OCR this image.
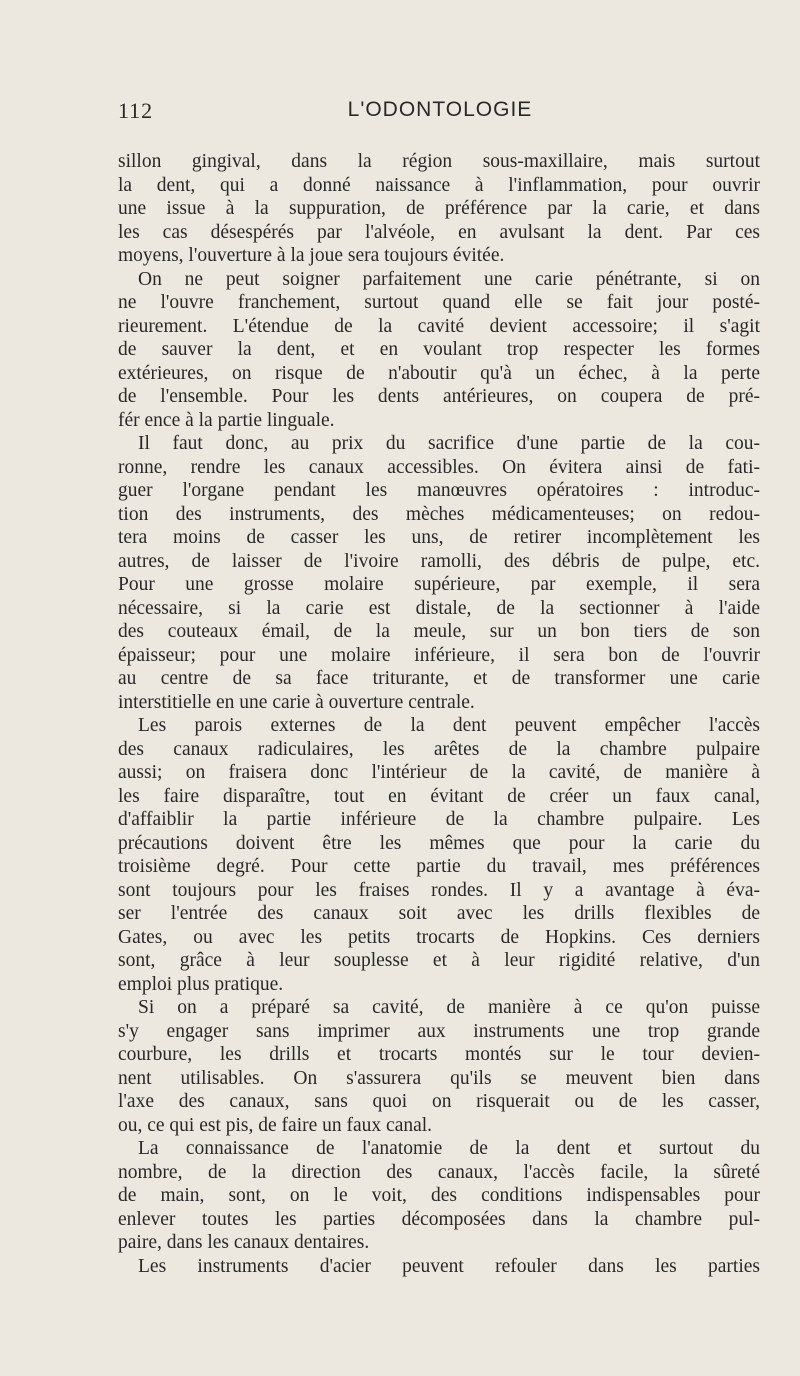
112	L'ODONTOLOGIE
sillon gingival, dans la région sous-maxillaire, mais surtout
la dent, qui a donné naissance à l'inflammation, pour ouvrir
une issue à la suppuration, de préférence par la carie, et dans
les cas désespérés par l'alvéole, en avulsant la dent. Par ces
moyens, l'ouverture à la joue sera toujours évitée.
On ne peut soigner parfaitement une carie pénétrante, si on
ne l'ouvre franchement, surtout quand elle se fait jour posté-
rieurement. L'étendue de la cavité devient accessoire; il s'agit
de sauver la dent, et en voulant trop respecter les formes
extérieures, on risque de n'aboutir qu'à un échec, à la perte
de l'ensemble. Pour les dents antérieures, on coupera de pré-
fér ence à la partie linguale.
Il faut donc, au prix du sacrifice d'une partie de la cou-
ronne, rendre les canaux accessibles. On évitera ainsi de fati-
guer l'organe pendant les manœuvres opératoires : introduc-
tion des instruments, des mèches médicamenteuses; on redou-
tera moins de casser les uns, de retirer incomplètement les
autres, de laisser de l'ivoire ramolli, des débris de pulpe, etc.
Pour une grosse molaire supérieure, par exemple, il sera
nécessaire, si la carie est distale, de la sectionner à l'aide
des couteaux émail, de la meule, sur un bon tiers de son
épaisseur; pour une molaire inférieure, il sera bon de l'ouvrir
au centre de sa face triturante, et de transformer une carie
interstitielle en une carie à ouverture centrale.
Les parois externes de la dent peuvent empêcher l'accès
des canaux radiculaires, les arêtes de la chambre pulpaire
aussi; on fraisera donc l'intérieur de la cavité, de manière à
les faire disparaître, tout en évitant de créer un faux canal,
d'affaiblir la partie inférieure de la chambre pulpaire. Les
précautions doivent être les mêmes que pour la carie du
troisième degré. Pour cette partie du travail, mes préférences
sont toujours pour les fraises rondes. Il y a avantage à éva-
ser l'entrée des canaux soit avec les drills flexibles de
Gates, ou avec les petits trocarts de Hopkins. Ces derniers
sont, grâce à leur souplesse et à leur rigidité relative, d'un
emploi plus pratique.
Si on a préparé sa cavité, de manière à ce qu'on puisse
s'y engager sans imprimer aux instruments une trop grande
courbure, les drills et trocarts montés sur le tour devien-
nent utilisables. On s'assurera qu'ils se meuvent bien dans
l'axe des canaux, sans quoi on risquerait ou de les casser,
ou, ce qui est pis, de faire un faux canal.
La connaissance de l'anatomie de la dent et surtout du
nombre, de la direction des canaux, l'accès facile, la sûreté
de main, sont, on le voit, des conditions indispensables pour
enlever toutes les parties décomposées dans la chambre pul-
paire, dans les canaux dentaires.
Les instruments d'acier peuvent refouler dans les parties
